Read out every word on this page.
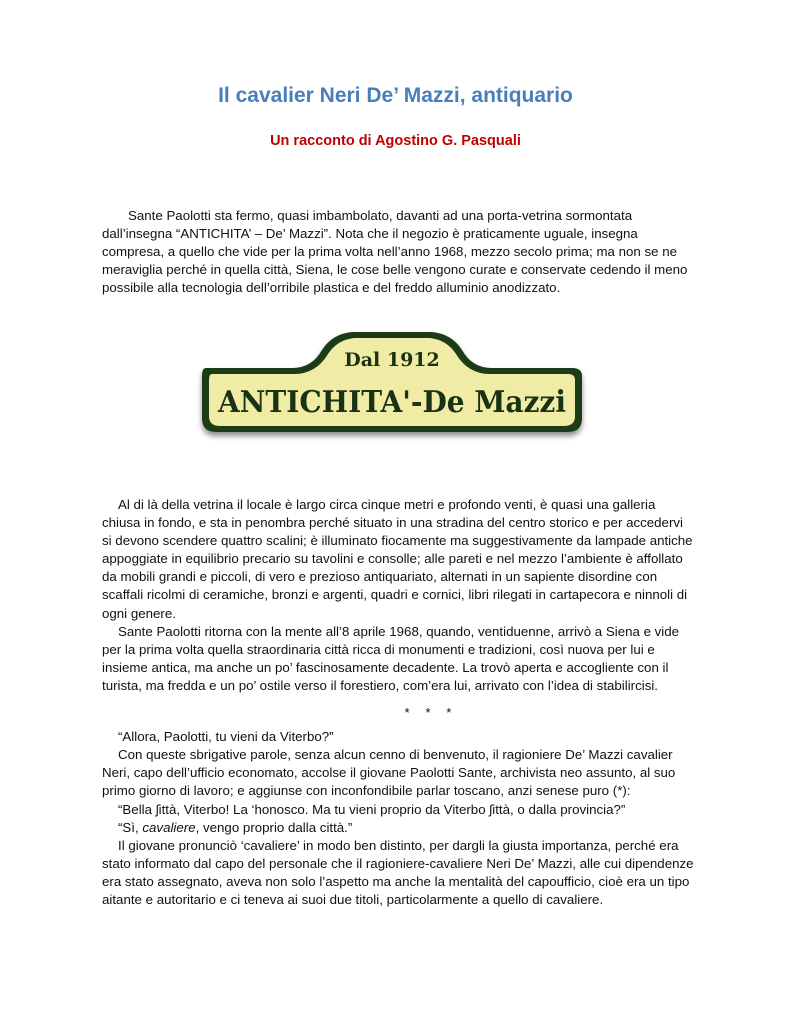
Il cavalier Neri De’ Mazzi, antiquario
Un racconto di Agostino G. Pasquali

Sante Paolotti sta fermo, quasi imbambolato, davanti ad una porta-vetrina sormontata dall’insegna “ANTICHITA’ – De’ Mazzi”. Nota che il negozio è praticamente uguale, insegna compresa, a quello che vide per la prima volta nell’anno 1968, mezzo secolo prima; ma non se ne meraviglia perché in quella città, Siena, le cose belle vengono curate e conservate cedendo il meno possibile alla tecnologia dell’orribile plastica e del freddo alluminio anodizzato.

Dal 1912
ANTICHITA'-De Mazzi

Al di là della vetrina il locale è largo circa cinque metri e profondo venti, è quasi una galleria chiusa in fondo, e sta in penombra perché situato in una stradina del centro storico e per accedervi si devono scendere quattro scalini; è illuminato fiocamente ma suggestivamente da lampade antiche appoggiate in equilibrio precario su tavolini e consolle; alle pareti e nel mezzo l’ambiente è affollato da mobili grandi e piccoli, di vero e prezioso antiquariato, alternati in un sapiente disordine con scaffali ricolmi di ceramiche, bronzi e argenti, quadri e cornici, libri rilegati in cartapecora e ninnoli di ogni genere.

Sante Paolotti ritorna con la mente all’8 aprile 1968, quando, ventiduenne, arrivò a Siena e vide per la prima volta quella straordinaria città ricca di monumenti e tradizioni, così nuova per lui e insieme antica, ma anche un po’ fascinosamente decadente. La trovò aperta e accogliente con il turista, ma fredda e un po’ ostile verso il forestiero, com’era lui, arrivato con l’idea di stabilircisi.

* * *

“Allora, Paolotti, tu vieni da Viterbo?”

Con queste sbrigative parole, senza alcun cenno di benvenuto, il ragioniere De’ Mazzi cavalier Neri, capo dell’ufficio economato, accolse il giovane Paolotti Sante, archivista neo assunto, al suo primo giorno di lavoro; e aggiunse con inconfondibile parlar toscano, anzi senese puro (*):

“Bella ʃittà, Viterbo! La ‘honosco. Ma tu vieni proprio da Viterbo ʃittà, o dalla provincia?”

“Sì, cavaliere, vengo proprio dalla città.”

Il giovane pronunciò ‘cavaliere’ in modo ben distinto, per dargli la giusta importanza, perché era stato informato dal capo del personale che il ragioniere-cavaliere Neri De’ Mazzi, alle cui dipendenze era stato assegnato, aveva non solo l’aspetto ma anche la mentalità del capoufficio, cioè era un tipo aitante e autoritario e ci teneva ai suoi due titoli, particolarmente a quello di cavaliere.
